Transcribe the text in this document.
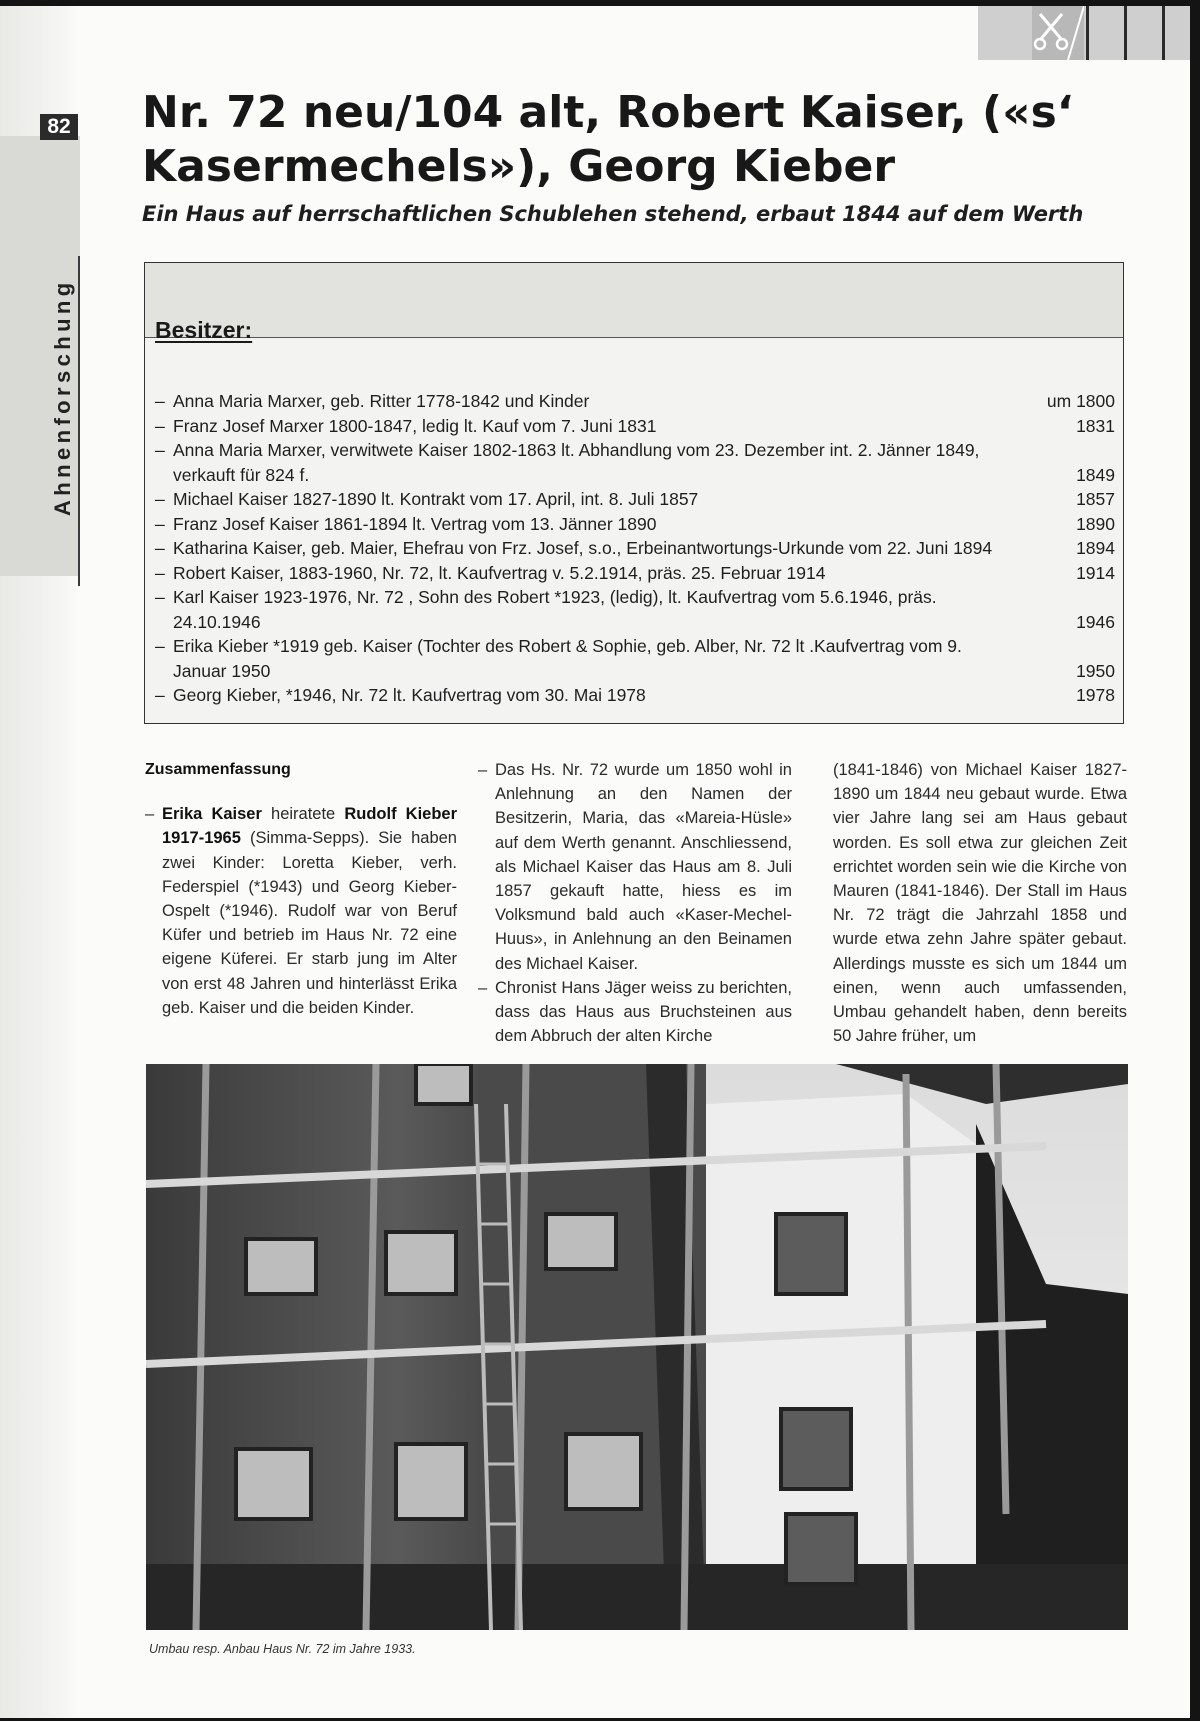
82
Ahnenforschung
Nr. 72 neu/104 alt, Robert Kaiser, («s‘ Kasermechels»), Georg Kieber
Ein Haus auf herrschaftlichen Schublehen stehend, erbaut 1844 auf dem Werth
Besitzer:
– Anna Maria Marxer, geb. Ritter 1778-1842 und Kinder	um 1800
– Franz Josef Marxer 1800-1847, ledig lt. Kauf vom 7. Juni 1831	1831
– Anna Maria Marxer, verwitwete Kaiser 1802-1863 lt. Abhandlung vom 23. Dezember int. 2. Jänner 1849, verkauft für 824 f.	1849
– Michael Kaiser 1827-1890 lt. Kontrakt vom 17. April, int. 8. Juli 1857	1857
– Franz Josef Kaiser 1861-1894 lt. Vertrag vom 13. Jänner 1890	1890
– Katharina Kaiser, geb. Maier, Ehefrau von Frz. Josef, s.o., Erbeinantwortungs-Urkunde vom 22. Juni 1894	1894
– Robert Kaiser, 1883-1960, Nr. 72, lt. Kaufvertrag v. 5.2.1914, präs. 25. Februar 1914	1914
– Karl Kaiser 1923-1976, Nr. 72 , Sohn des Robert *1923, (ledig), lt. Kaufvertrag vom 5.6.1946, präs. 24.10.1946	1946
– Erika Kieber *1919 geb. Kaiser (Tochter des Robert & Sophie, geb. Alber, Nr. 72 lt .Kaufvertrag vom 9. Januar 1950	1950
– Georg Kieber, *1946, Nr. 72 lt. Kaufvertrag vom 30. Mai 1978	1978
Zusammenfassung

– Erika Kaiser heiratete Rudolf Kieber 1917-1965 (Simma-Sepps). Sie haben zwei Kinder: Loretta Kieber, verh. Federspiel (*1943) und Georg Kieber-Ospelt (*1946). Rudolf war von Beruf Küfer und betrieb im Haus Nr. 72 eine eigene Küferei. Er starb jung im Alter von erst 48 Jahren und hinterlässt Erika geb. Kaiser und die beiden Kinder.

– Das Hs. Nr. 72 wurde um 1850 wohl in Anlehnung an den Namen der Besitzerin, Maria, das «Mareia-Hüsle» auf dem Werth genannt. Anschliessend, als Michael Kaiser das Haus am 8. Juli 1857 gekauft hatte, hiess es im Volksmund bald auch «Kaser-Mechel-Huus», in Anlehnung an den Beinamen des Michael Kaiser.

– Chronist Hans Jäger weiss zu berichten, dass das Haus aus Bruchsteinen aus dem Abbruch der alten Kirche

(1841-1846) von Michael Kaiser 1827-1890 um 1844 neu gebaut wurde. Etwa vier Jahre lang sei am Haus gebaut worden. Es soll etwa zur gleichen Zeit errichtet worden sein wie die Kirche von Mauren (1841-1846). Der Stall im Haus Nr. 72 trägt die Jahrzahl 1858 und wurde etwa zehn Jahre später gebaut. Allerdings musste es sich um 1844 um einen, wenn auch umfassenden, Umbau gehandelt haben, denn bereits 50 Jahre früher, um

Umbau resp. Anbau Haus Nr. 72 im Jahre 1933.
